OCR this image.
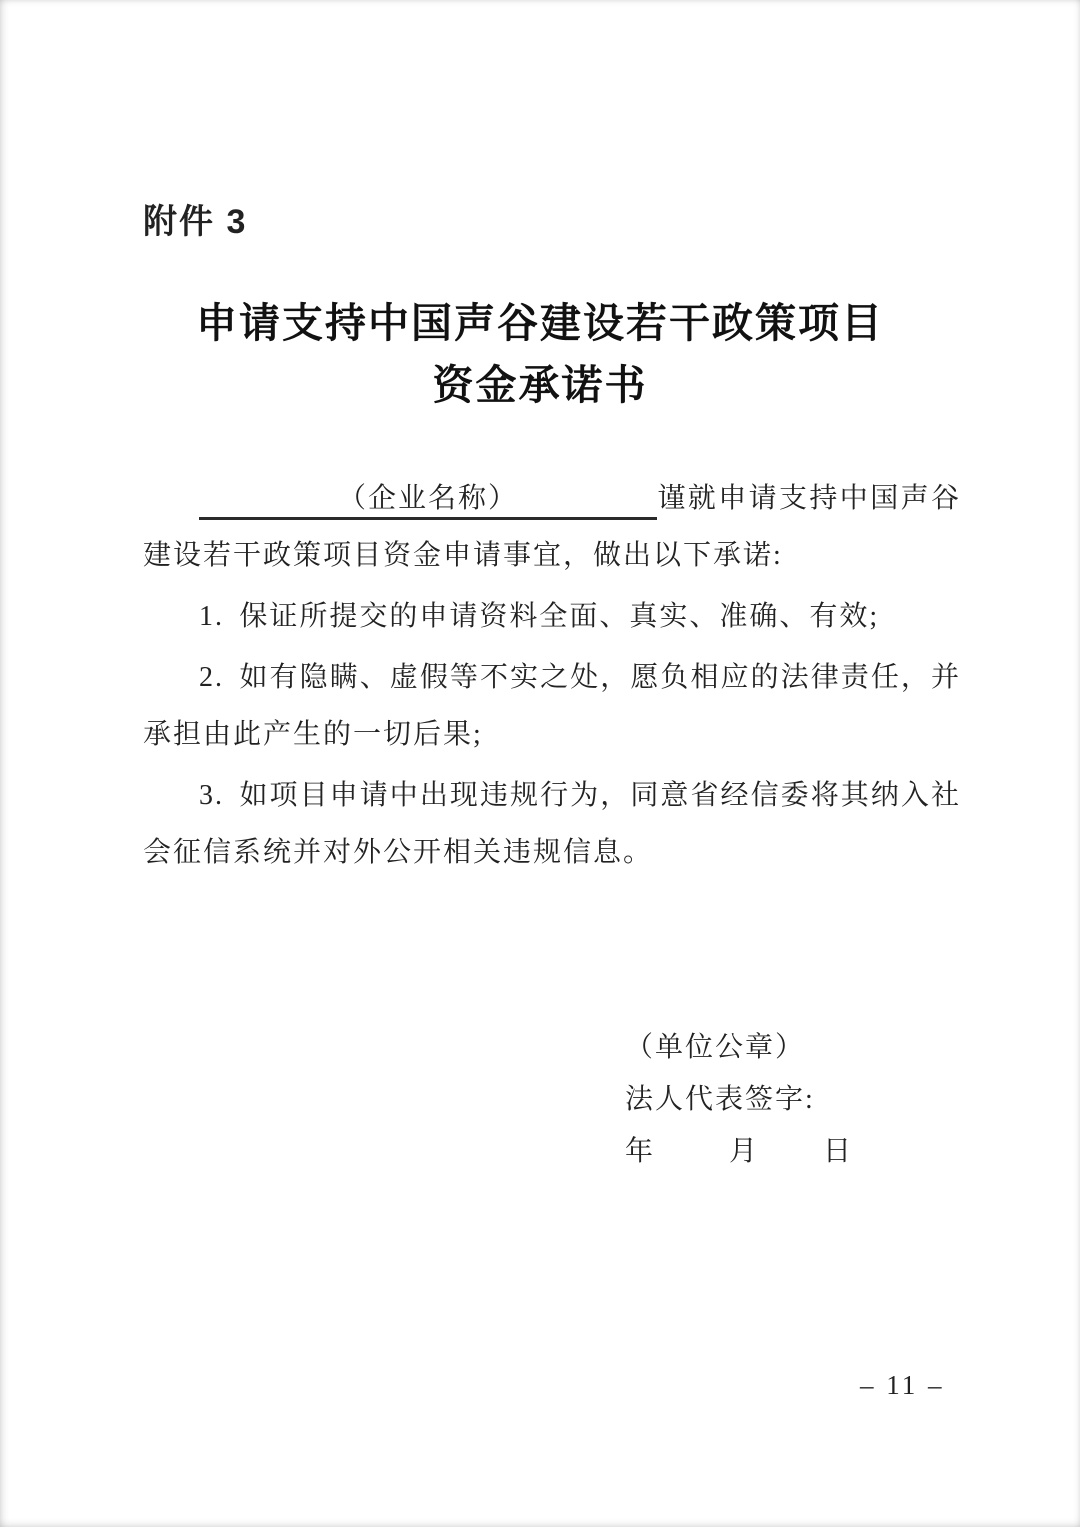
附件 3
申请支持中国声谷建设若干政策项目
资金承诺书

（企业名称）	谨就申请支持中国声谷建设若干政策项目资金申请事宜，做出以下承诺:

1. 保证所提交的申请资料全面、真实、准确、有效;

2. 如有隐瞒、虚假等不实之处，愿负相应的法律责任，并承担由此产生的一切后果;

3. 如项目申请中出现违规行为，同意省经信委将其纳入社会征信系统并对外公开相关违规信息。

（单位公章）
法人代表签字:
年	月 日
– 11 –
